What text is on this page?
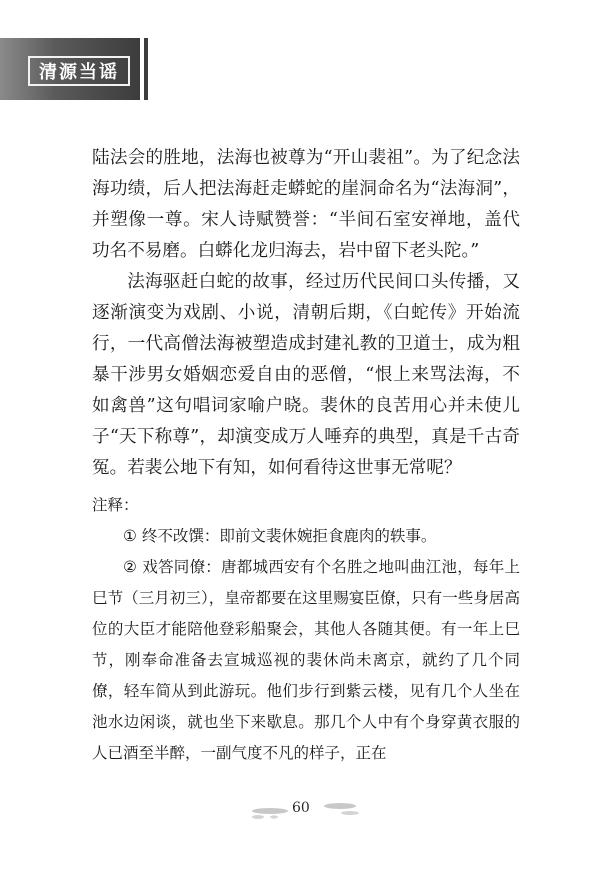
清源当谣

陆法会的胜地，法海也被尊为“开山裴祖”。为了纪念法海功绩，后人把法海赶走蟒蛇的崖洞命名为“法海洞”，并塑像一尊。宋人诗赋赞誉：“半间石室安禅地，盖代功名不易磨。白蟒化龙归海去，岩中留下老头陀。”

法海驱赶白蛇的故事，经过历代民间口头传播，又逐渐演变为戏剧、小说，清朝后期，《白蛇传》开始流行，一代高僧法海被塑造成封建礼教的卫道士，成为粗暴干涉男女婚姻恋爱自由的恶僧，“恨上来骂法海，不如禽兽”这句唱词家喻户晓。裴休的良苦用心并未使儿子“天下称尊”，却演变成万人唾弃的典型，真是千古奇冤。若裴公地下有知，如何看待这世事无常呢？

注释：

① 终不改馔：即前文裴休婉拒食鹿肉的轶事。

② 戏答同僚：唐都城西安有个名胜之地叫曲江池，每年上巳节（三月初三），皇帝都要在这里赐宴臣僚，只有一些身居高位的大臣才能陪他登彩船聚会，其他人各随其便。有一年上巳节，刚奉命准备去宣城巡视的裴休尚未离京，就约了几个同僚，轻车简从到此游玩。他们步行到紫云楼，见有几个人坐在池水边闲谈，就也坐下来歇息。那几个人中有个身穿黄衣服的人已酒至半醉，一副气度不凡的样子，正在

60
